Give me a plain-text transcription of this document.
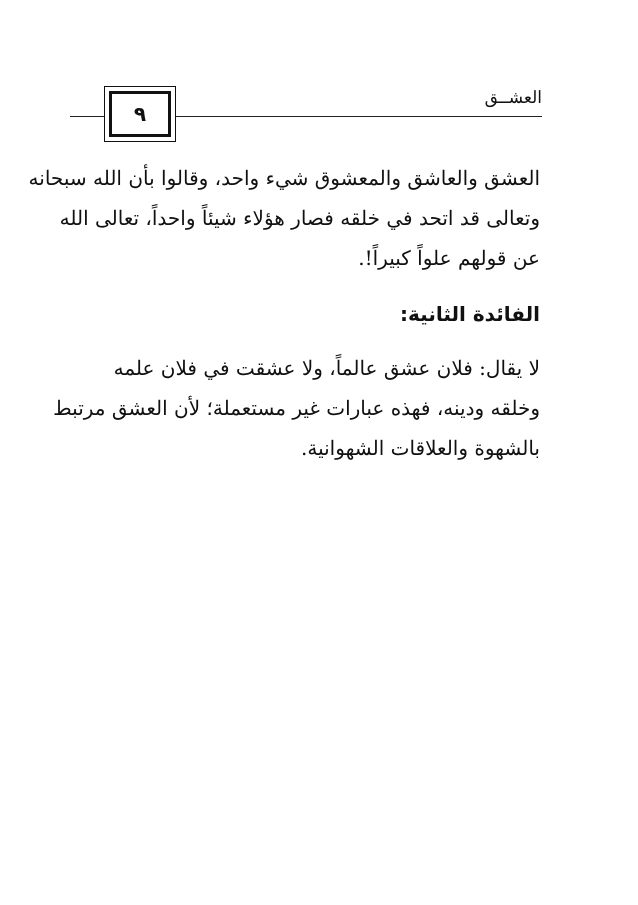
العشــق
٩
العشق والعاشق والمعشوق شيء واحد، وقالوا بأن الله سبحانه
وتعالى قد اتحد في خلقه فصار هؤلاء شيئاً واحداً، تعالى الله
عن قولهم علواً كبيراً!.
الفائدة الثانية:
لا يقال: فلان عشق عالماً، ولا عشقت في فلان علمه
وخلقه ودينه، فهذه عبارات غير مستعملة؛ لأن العشق مرتبط
بالشهوة والعلاقات الشهوانية.
